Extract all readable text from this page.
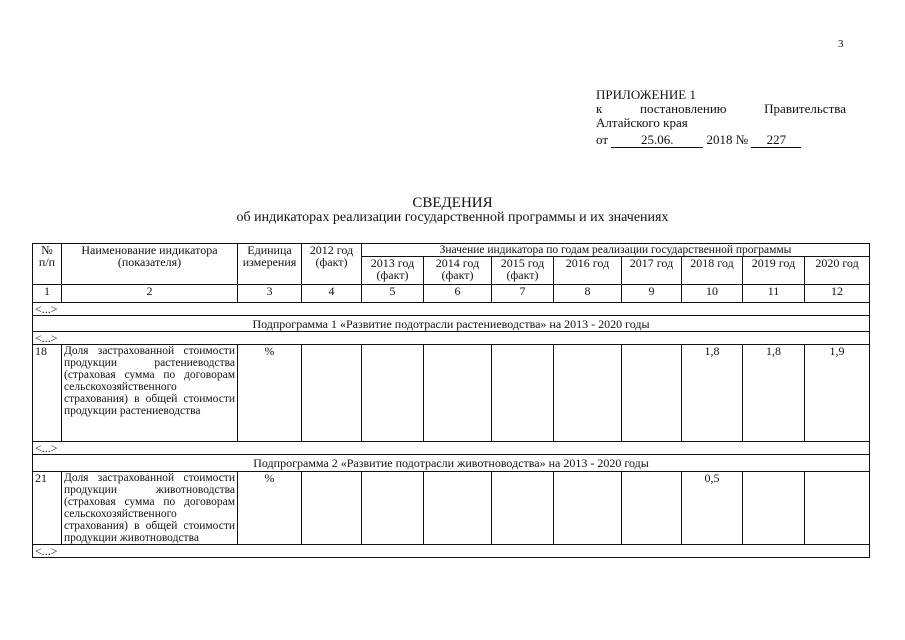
3
ПРИЛОЖЕНИЕ 1
к	постановлению	Правительства
Алтайского края
от	25.06.	2018 № 227
СВЕДЕНИЯ
об индикаторах реализации государственной программы и их значениях
№ п/п	Наименование индикатора (показателя)	Единица измерения	2012 год (факт)	Значение индикатора по годам реализации государственной программы							
				2013 год (факт)	2014 год (факт)	2015 год (факт)	2016 год	2017 год	2018 год	2019 год	2020 год
1	2	3	4	5	6	7	8	9	10	11	12
<...>											
Подпрограмма 1 «Развитие подотрасли растениеводства» на 2013 - 2020 годы											
<...>											
18	Доля застрахованной стоимости продукции растениеводства (страховая сумма по договорам сельскохозяйственного страхования) в общей стоимости продукции растениеводства	%							1,8	1,8	1,9
<...>											
Подпрограмма 2 «Развитие подотрасли животноводства» на 2013 - 2020 годы											
21	Доля застрахованной стоимости продукции животноводства (страховая сумма по договорам сельскохозяйственного страхования) в общей стоимости продукции животноводства	%							0,5		
<...>											
